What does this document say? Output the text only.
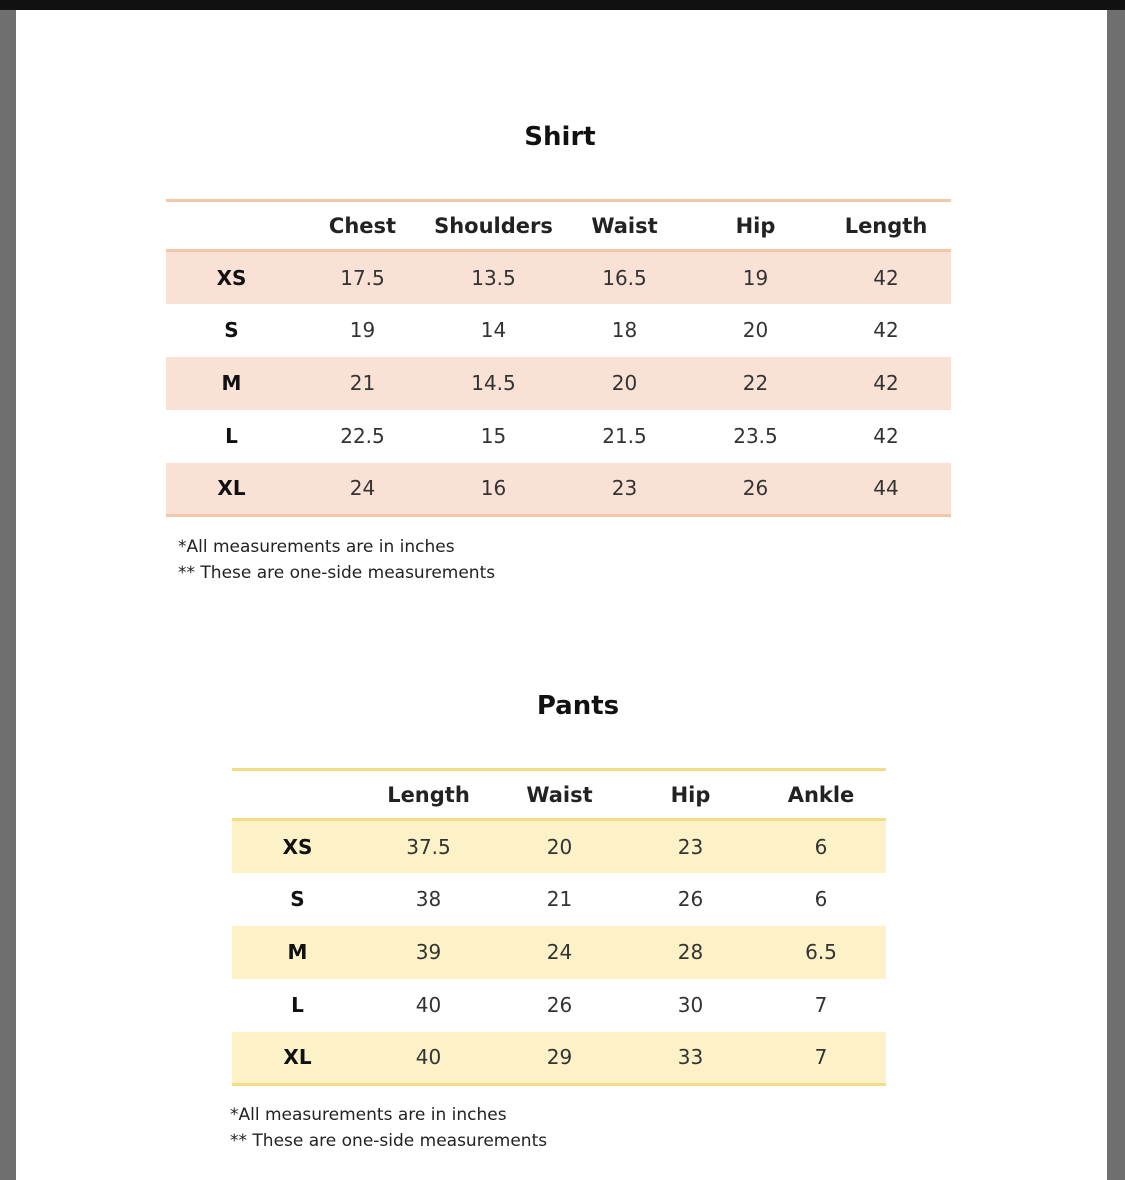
Shirt
	Chest	Shoulders	Waist	Hip	Length
XS	17.5	13.5	16.5	19	42
S	19	14	18	20	42
M	21	14.5	20	22	42
L	22.5	15	21.5	23.5	42
XL	24	16	23	26	44

*All measurements are in inches

** These are one-side measurements

Pants
	Length	Waist	Hip	Ankle
XS	37.5	20	23	6
S	38	21	26	6
M	39	24	28	6.5
L	40	26	30	7
XL	40	29	33	7

*All measurements are in inches

** These are one-side measurements
